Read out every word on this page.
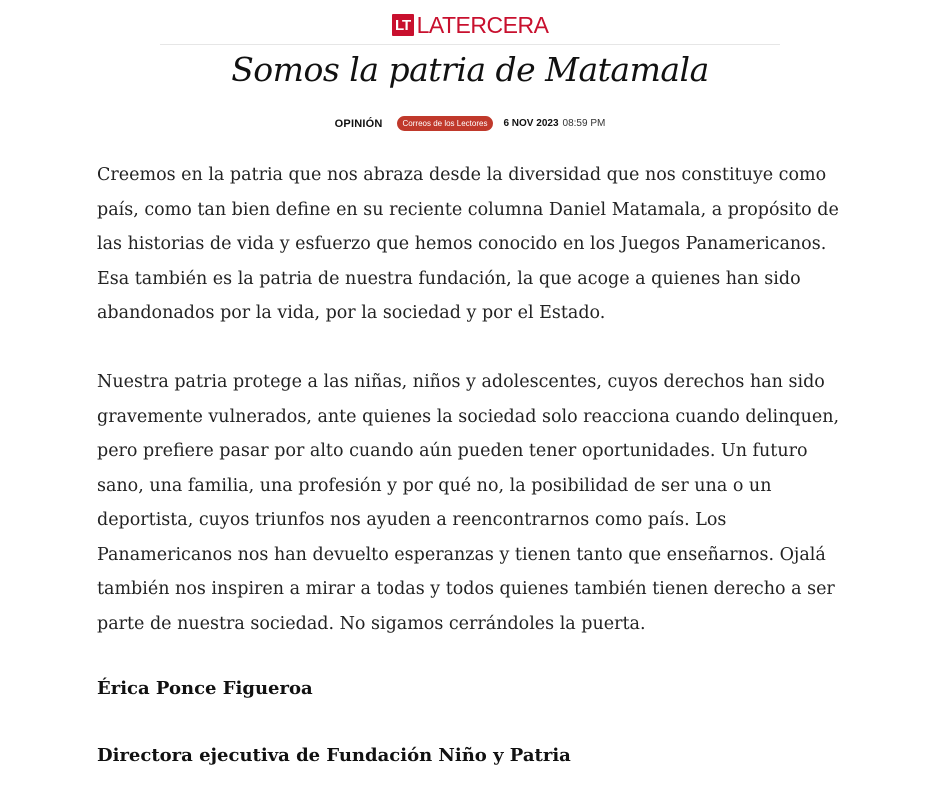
LT LATERCERA
Somos la patria de Matamala
OPINIÓN	Correos de los Lectores	6 NOV 2023 08:59 PM

Creemos en la patria que nos abraza desde la diversidad que nos constituye como país, como tan bien define en su reciente columna Daniel Matamala, a propósito de las historias de vida y esfuerzo que hemos conocido en los Juegos Panamericanos. Esa también es la patria de nuestra fundación, la que acoge a quienes han sido abandonados por la vida, por la sociedad y por el Estado.

Nuestra patria protege a las niñas, niños y adolescentes, cuyos derechos han sido gravemente vulnerados, ante quienes la sociedad solo reacciona cuando delinquen, pero prefiere pasar por alto cuando aún pueden tener oportunidades. Un futuro sano, una familia, una profesión y por qué no, la posibilidad de ser una o un deportista, cuyos triunfos nos ayuden a reencontrarnos como país. Los Panamericanos nos han devuelto esperanzas y tienen tanto que enseñarnos. Ojalá también nos inspiren a mirar a todas y todos quienes también tienen derecho a ser parte de nuestra sociedad. No sigamos cerrándoles la puerta.

Érica Ponce Figueroa

Directora ejecutiva de Fundación Niño y Patria
